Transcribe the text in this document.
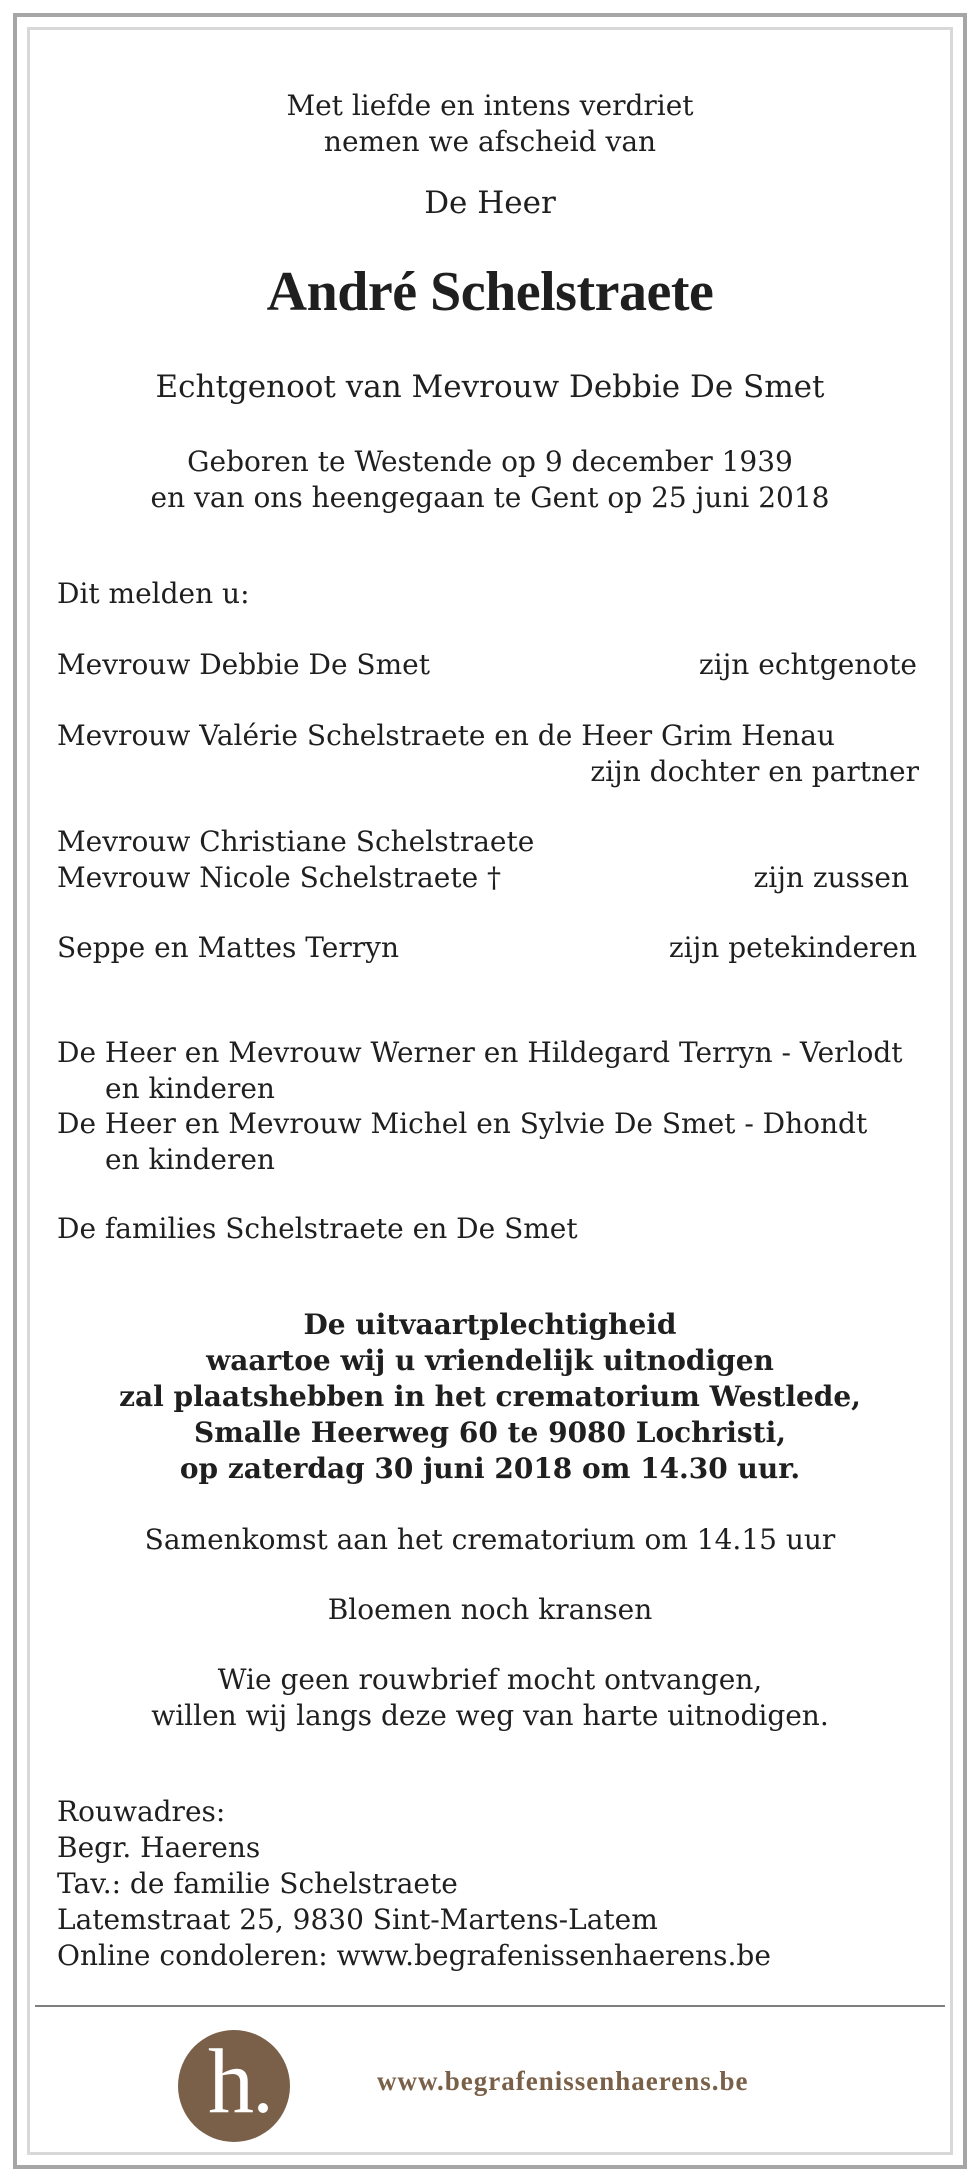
Met liefde en intens verdriet
nemen we afscheid van
De Heer
André Schelstraete
Echtgenoot van Mevrouw Debbie De Smet
Geboren te Westende op 9 december 1939
en van ons heengegaan te Gent op 25 juni 2018
Dit melden u:
Mevrouw Debbie De Smet	zijn echtgenote
Mevrouw Valérie Schelstraete en de Heer Grim Henau
zijn dochter en partner
Mevrouw Christiane Schelstraete
Mevrouw Nicole Schelstraete †	zijn zussen
Seppe en Mattes Terryn	zijn petekinderen
De Heer en Mevrouw Werner en Hildegard Terryn - Verlodt
en kinderen
De Heer en Mevrouw Michel en Sylvie De Smet - Dhondt
en kinderen
De families Schelstraete en De Smet
De uitvaartplechtigheid
waartoe wij u vriendelijk uitnodigen
zal plaatshebben in het crematorium Westlede,
Smalle Heerweg 60 te 9080 Lochristi,
op zaterdag 30 juni 2018 om 14.30 uur.
Samenkomst aan het crematorium om 14.15 uur
Bloemen noch kransen
Wie geen rouwbrief mocht ontvangen,
willen wij langs deze weg van harte uitnodigen.
Rouwadres:
Begr. Haerens
Tav.: de familie Schelstraete
Latemstraat 25, 9830 Sint-Martens-Latem
Online condoleren: www.begrafenissenhaerens.be
h	www.begrafenissenhaerens.be
